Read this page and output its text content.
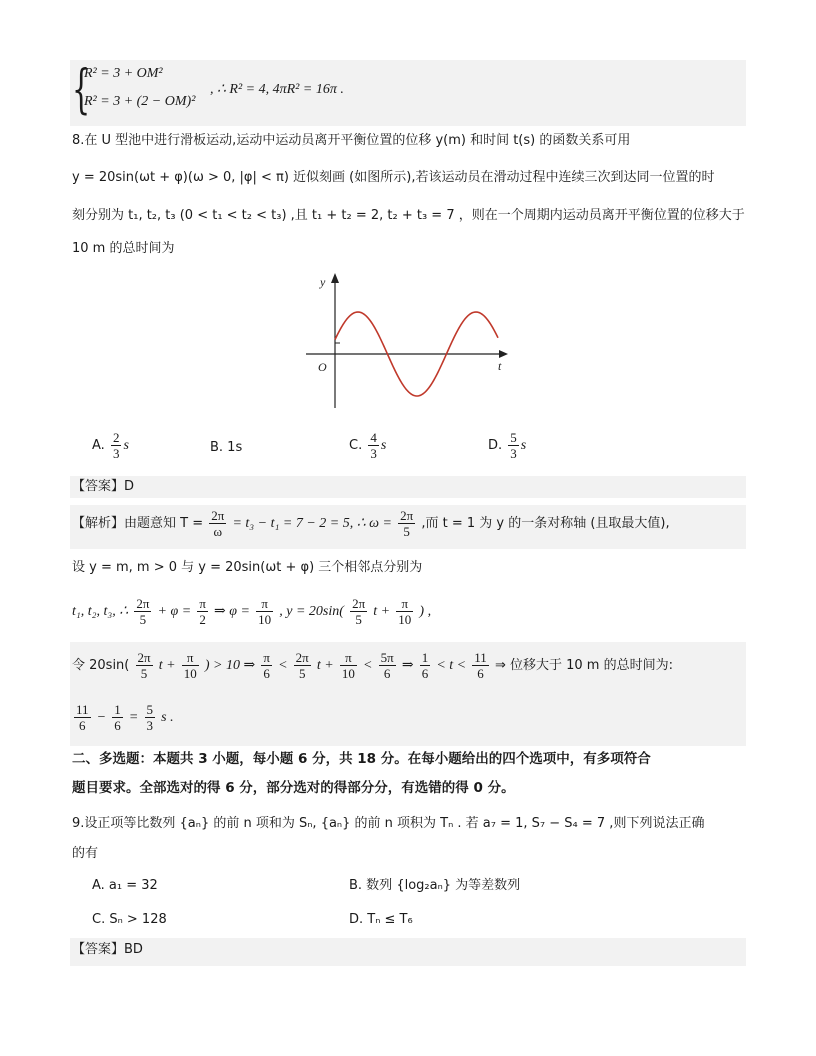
{
R² = 3 + OM²
R² = 3 + (2 − OM)²
, ∴ R² = 4, 4πR² = 16π .
8.在 U 型池中进行滑板运动,运动中运动员离开平衡位置的位移 y(m) 和时间 t(s) 的函数关系可用
y = 20sin(ωt + φ)(ω > 0, |φ| < π) 近似刻画 (如图所示),若该运动员在滑动过程中连续三次到达同一位置的时
刻分别为 t₁, t₂, t₃ (0 < t₁ < t₂ < t₃) ,且 t₁ + t₂ = 2, t₂ + t₃ = 7 ，则在一个周期内运动员离开平衡位置的位移大于
10 m 的总时间为
y
t
O
A. $\frac{2}{3}$ s	B. 1s	C. $\frac{4}{3}$ s	D. $\frac{5}{3}$ s
【答案】D
【解析】由题意知 $T = \frac{2\pi}{\omega} = t_3 - t_1 = 7 - 2 = 5$, ∴ $\omega = \frac{2\pi}{5}$ ,而 t = 1 为 y 的一条对称轴 (且取最大值),
设 y = m, m > 0 与 y = 20sin(ωt + φ) 三个相邻点分别为
t₁, t₂, t₃, ∴ $\frac{2\pi}{5} + \varphi = \frac{\pi}{2}$ ⇒ $\varphi = \frac{\pi}{10}$ , $y = 20\sin( \frac{2\pi}{5}$ $t + \frac{\pi}{10}$ ) ,
令 $20\sin( \frac{2\pi}{5}$ $t + \frac{\pi}{10}$ ) > 10 ⇒ $\frac{\pi}{6} < \frac{2\pi}{5}$ $t + \frac{\pi}{10} < \frac{5\pi}{6}$ ⇒ $\frac{1}{6} < t < \frac{11}{6}$ ⇒ 位移大于 10 m 的总时间为:
$\frac{11}{6} - \frac{1}{6} = \frac{5}{3}$ s .
二、多选题：本题共 3 小题，每小题 6 分，共 18 分。在每小题给出的四个选项中，有多项符合
题目要求。全部选对的得 6 分，部分选对的得部分分，有选错的得 0 分。
9.设正项等比数列 {aₙ} 的前 n 项和为 Sₙ, {aₙ} 的前 n 项积为 Tₙ . 若 a₇ = 1, S₇ − S₄ = 7 ,则下列说法正确
的有
A. a₁ = 32	B. 数列 {log₂aₙ} 为等差数列
C. Sₙ > 128	D. Tₙ ≤ T₆
【答案】BD
